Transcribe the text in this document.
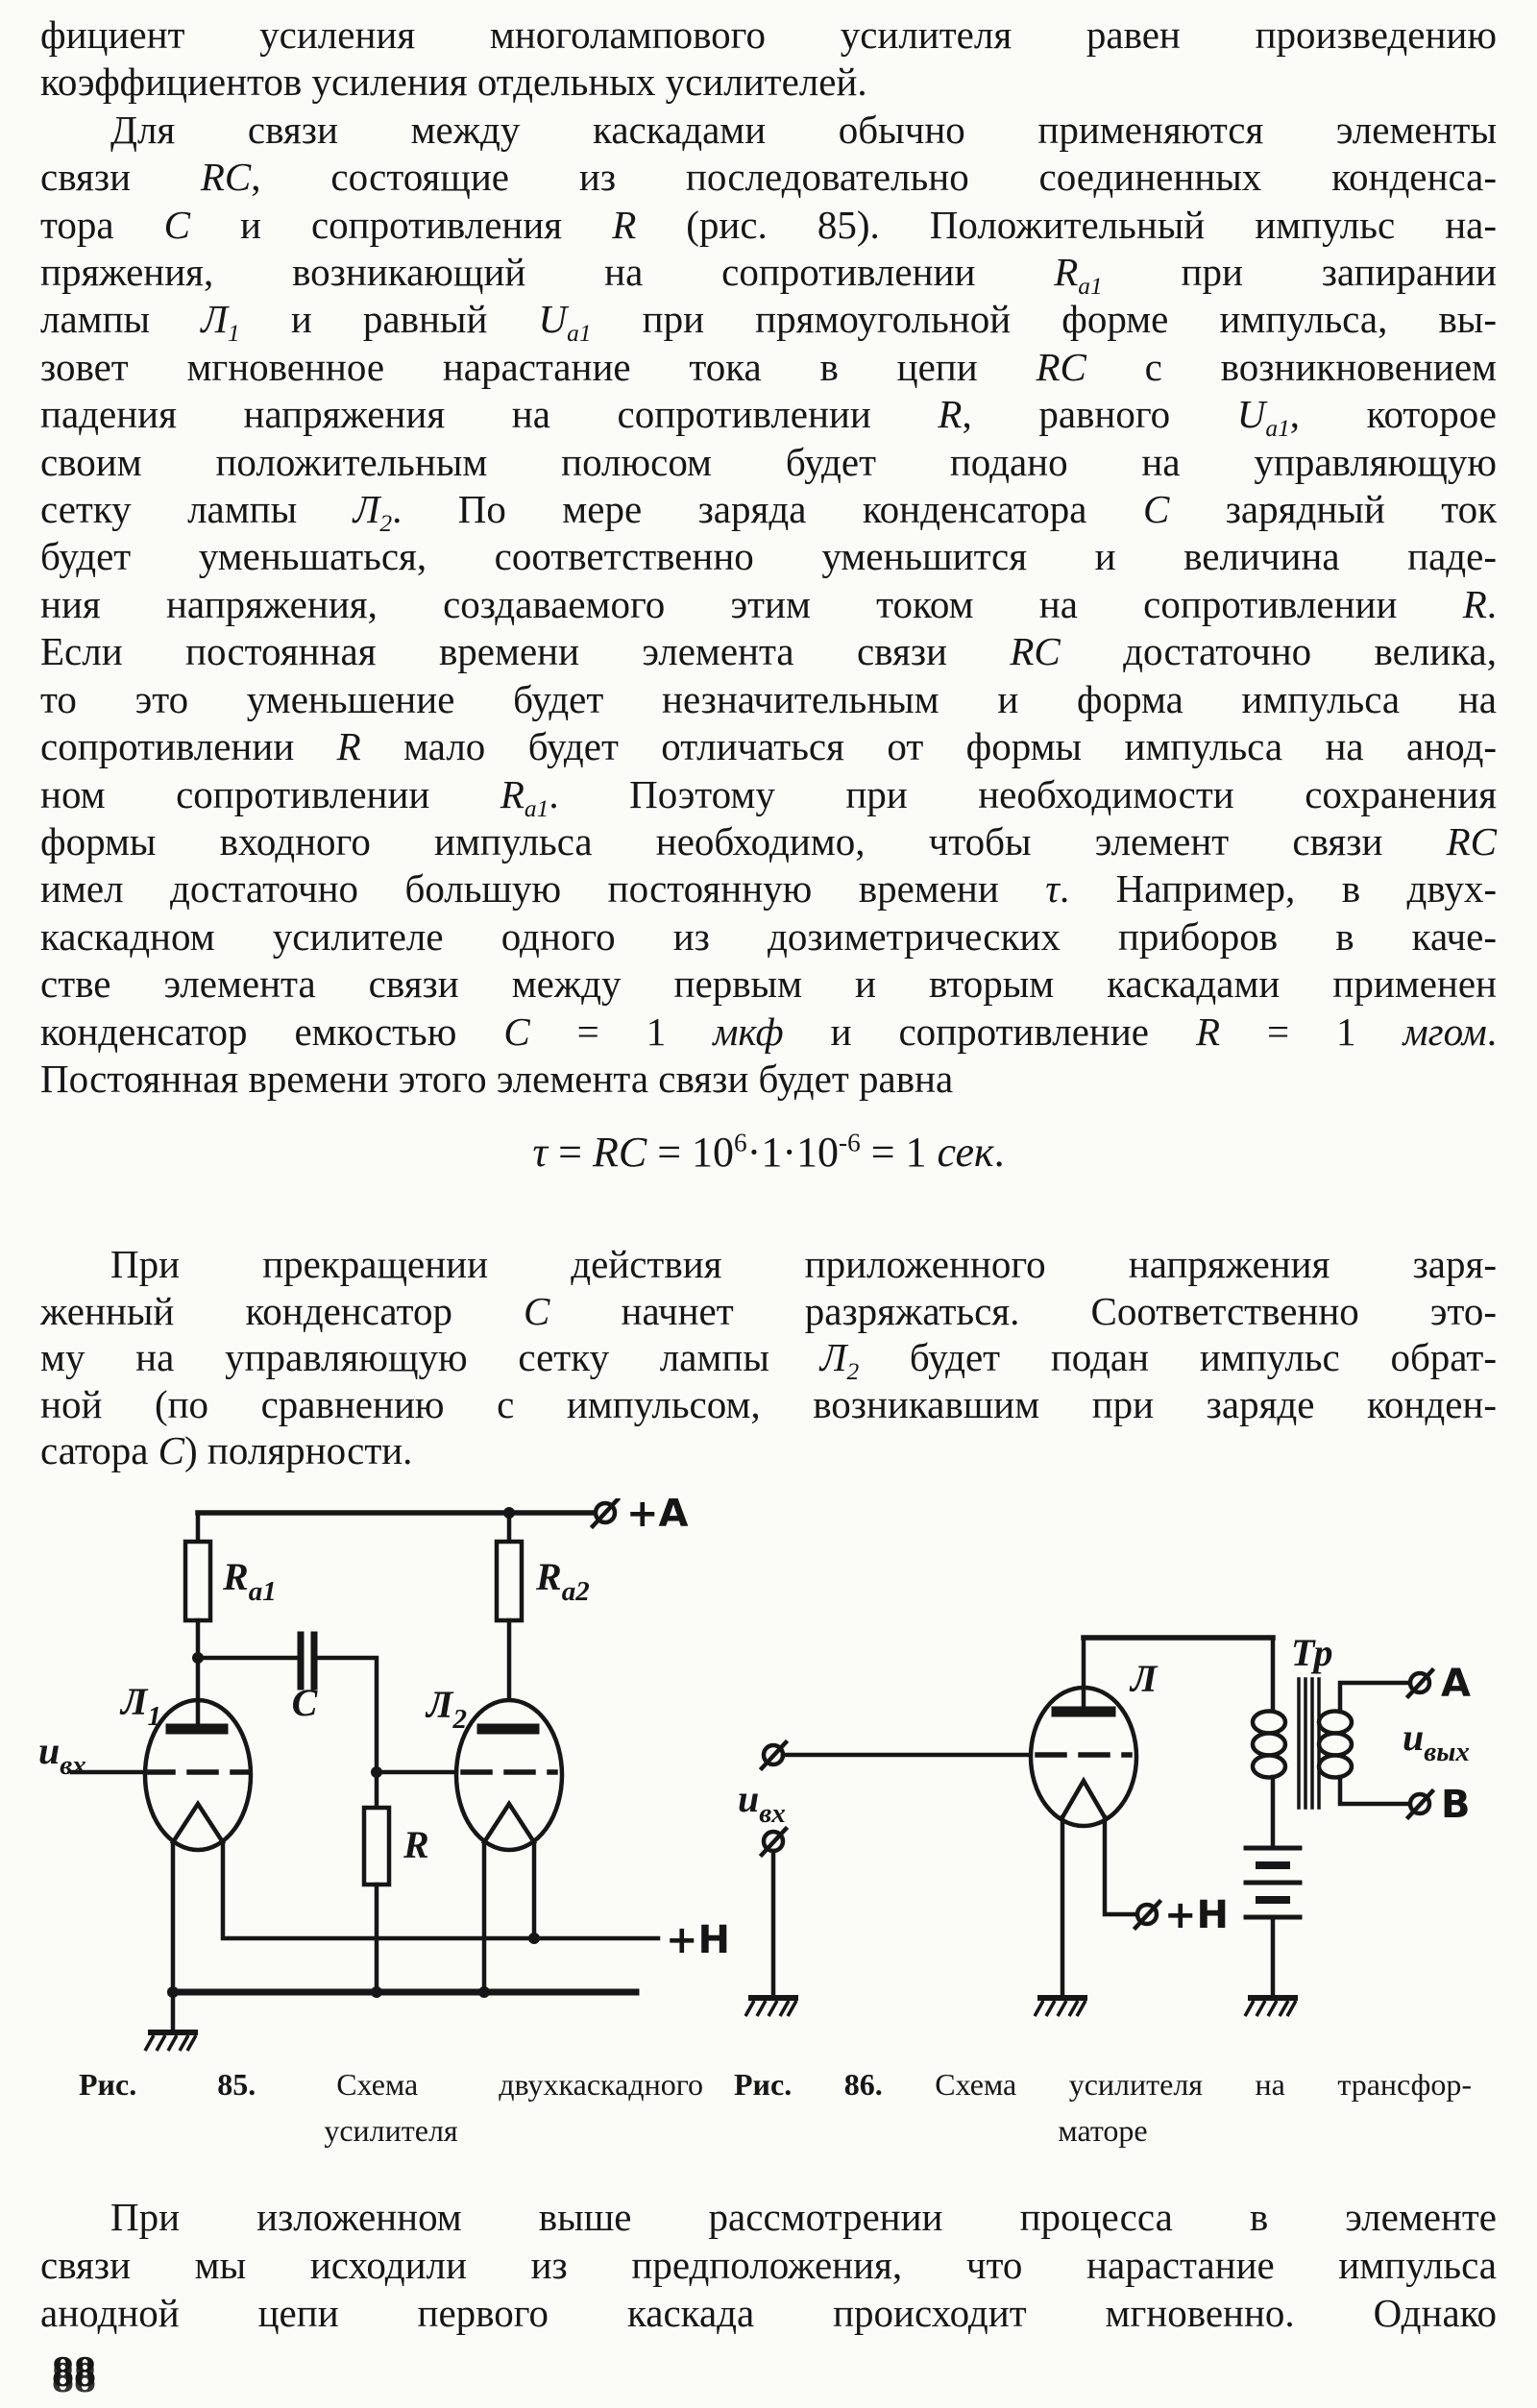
фициент усиления многолампового усилителя равен произведению
коэффициентов усиления отдельных усилителей.
Для связи между каскадами обычно применяются элементы
связи RC, состоящие из последовательно соединенных конденса-
тора C и сопротивления R (рис. 85). Положительный импульс на-
пряжения, возникающий на сопротивлении $R_{a1}$ при запирании
лампы $Л_1$ и равный $U_{a1}$ при прямоугольной форме импульса, вы-
зовет мгновенное нарастание тока в цепи RC с возникновением
падения напряжения на сопротивлении R, равного $U_{a1}$, которое
своим положительным полюсом будет подано на управляющую
сетку лампы $Л_2$. По мере заряда конденсатора C зарядный ток
будет уменьшаться, соответственно уменьшится и величина паде-
ния напряжения, создаваемого этим током на сопротивлении R.
Если постоянная времени элемента связи RC достаточно велика,
то это уменьшение будет незначительным и форма импульса на
сопротивлении R мало будет отличаться от формы импульса на анод-
ном сопротивлении $R_{a1}$. Поэтому при необходимости сохранения
формы входного импульса необходимо, чтобы элемент связи RC
имел достаточно большую постоянную времени τ. Например, в двух-
каскадном усилителе одного из дозиметрических приборов в каче-
стве элемента связи между первым и вторым каскадами применен
конденсатор емкостью C = 1 мкф и сопротивление R = 1 мгом.
Постоянная времени этого элемента связи будет равна
τ = RC = $10^6\cdot 1\cdot 10^{-6} = 1$ сек.
При прекращении действия приложенного напряжения заря-
женный конденсатор C начнет разряжаться. Соответственно это-
му на управляющую сетку лампы $Л_2$ будет подан импульс обрат-
ной (по сравнению с импульсом, возникавшим при заряде конден-
сатора C) полярности.
+А
+Н
$R_{a1}$	$R_{a2}$
C
$Л_1$	$Л_2$
$u_{вх}$
R
Л
Тр
$u_{вх}$
$u_{вых}$
А
В
+Н
Рис. 85.	Схема двухкаскадного
усилителя
Рис. 86. Схема усилителя на трансфор-
маторе
При изложенном выше рассмотрении процесса в элементе
связи мы исходили из предположения, что нарастание импульса
анодной цепи первого каскада происходит мгновенно. Однако
88
